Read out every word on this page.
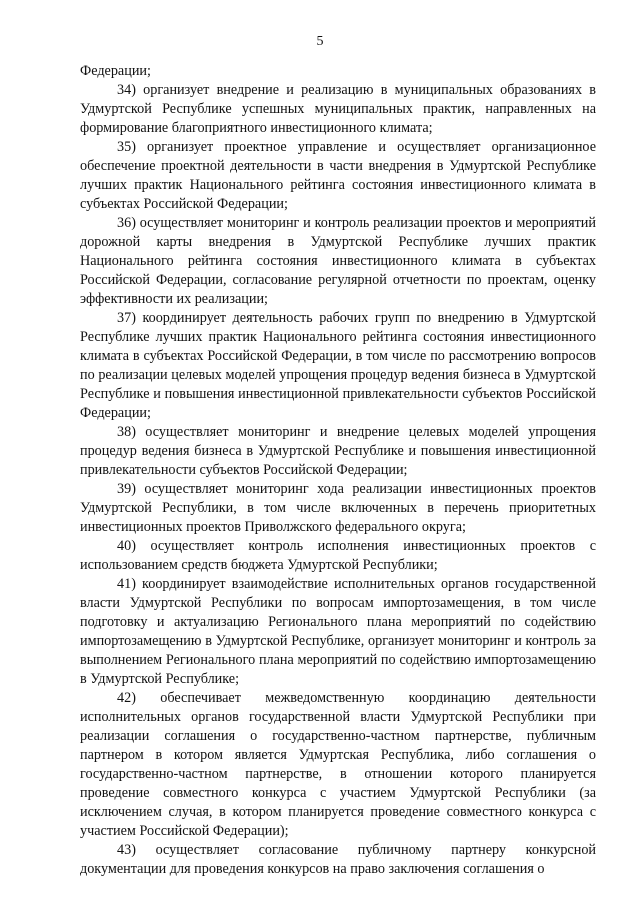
5

Федерации;

34) организует внедрение и реализацию в муниципальных образованиях в Удмуртской Республике успешных муниципальных практик, направленных на формирование благоприятного инвестиционного климата;

35) организует проектное управление и осуществляет организационное обеспечение проектной деятельности в части внедрения в Удмуртской Республике лучших практик Национального рейтинга состояния инвестиционного климата в субъектах Российской Федерации;

36) осуществляет мониторинг и контроль реализации проектов и мероприятий дорожной карты внедрения в Удмуртской Республике лучших практик Национального рейтинга состояния инвестиционного климата в субъектах Российской Федерации, согласование регулярной отчетности по проектам, оценку эффективности их реализации;

37) координирует деятельность рабочих групп по внедрению в Удмуртской Республике лучших практик Национального рейтинга состояния инвестиционного климата в субъектах Российской Федерации, в том числе по рассмотрению вопросов по реализации целевых моделей упрощения процедур ведения бизнеса в Удмуртской Республике и повышения инвестиционной привлекательности субъектов Российской Федерации;

38) осуществляет мониторинг и внедрение целевых моделей упрощения процедур ведения бизнеса в Удмуртской Республике и повышения инвестиционной привлекательности субъектов Российской Федерации;

39) осуществляет мониторинг хода реализации инвестиционных проектов Удмуртской Республики, в том числе включенных в перечень приоритетных инвестиционных проектов Приволжского федерального округа;

40) осуществляет контроль исполнения инвестиционных проектов с использованием средств бюджета Удмуртской Республики;

41) координирует взаимодействие исполнительных органов государственной власти Удмуртской Республики по вопросам импортозамещения, в том числе подготовку и актуализацию Регионального плана мероприятий по содействию импортозамещению в Удмуртской Республике, организует мониторинг и контроль за выполнением Регионального плана мероприятий по содействию импортозамещению в Удмуртской Республике;

42) обеспечивает межведомственную координацию деятельности исполнительных органов государственной власти Удмуртской Республики при реализации соглашения о государственно-частном партнерстве, публичным партнером в котором является Удмуртская Республика, либо соглашения о государственно-частном партнерстве, в отношении которого планируется проведение совместного конкурса с участием Удмуртской Республики (за исключением случая, в котором планируется проведение совместного конкурса с участием Российской Федерации);

43) осуществляет согласование публичному партнеру конкурсной документации для проведения конкурсов на право заключения соглашения о
